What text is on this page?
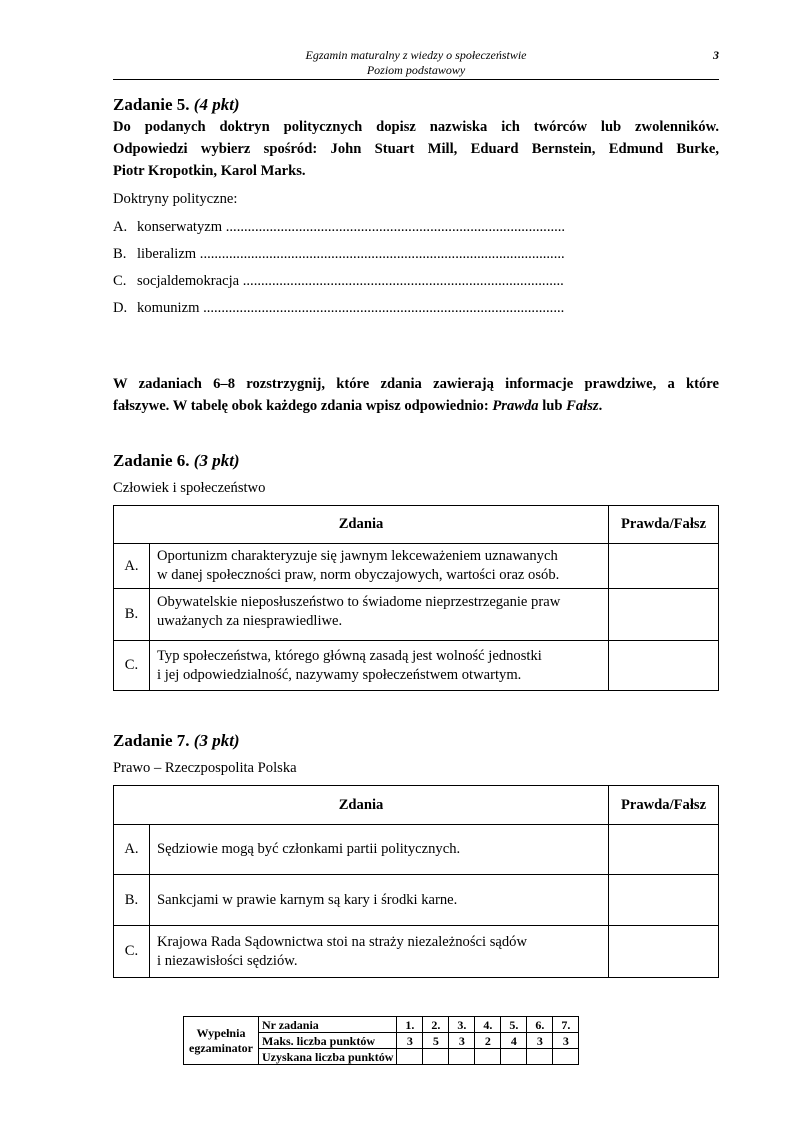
Egzamin maturalny z wiedzy o społeczeństwie
Poziom podstawowy
3
Zadanie 5. (4 pkt)
Do podanych doktryn politycznych dopisz nazwiska ich twórców lub zwolenników.
Odpowiedzi wybierz spośród: John Stuart Mill, Eduard Bernstein, Edmund Burke,
Piotr Kropotkin, Karol Marks.
Doktryny polityczne:
A. konserwatyzm .............................................................................................
B. liberalizm ....................................................................................................
C. socjaldemokracja ........................................................................................
D. komunizm ...................................................................................................
W zadaniach 6–8 rozstrzygnij, które zdania zawierają informacje prawdziwe, a które
fałszywe. W tabelę obok każdego zdania wpisz odpowiednio: Prawda lub Fałsz.
Zadanie 6. (3 pkt)
Człowiek i społeczeństwo
Zdania		Prawda/Fałsz
A.	Oportunizm charakteryzuje się jawnym lekceważeniem uznawanych
w danej społeczności praw, norm obyczajowych, wartości oraz osób.	

B.	Obywatelskie nieposłuszeństwo to świadome nieprzestrzeganie praw
uważanych za niesprawiedliwe.	

C.	Typ społeczeństwa, którego główną zasadą jest wolność jednostki
i jej odpowiedzialność, nazywamy społeczeństwem otwartym.	

Zadanie 7. (3 pkt)
Prawo – Rzeczpospolita Polska
Zdania		Prawda/Fałsz
A.	Sędziowie mogą być członkami partii politycznych.	
B.	Sankcjami w prawie karnym są kary i środki karne.	
C.	Krajowa Rada Sądownictwa stoi na straży niezależności sądów
i niezawisłości sędziów.	

Wypełnia
egzaminator	Nr zadania	1.	2.	3.	4.	5.	6.	7.
	Maks. liczba punktów	3	5	3	2	4	3	3
	Uzyskana liczba punktów							
